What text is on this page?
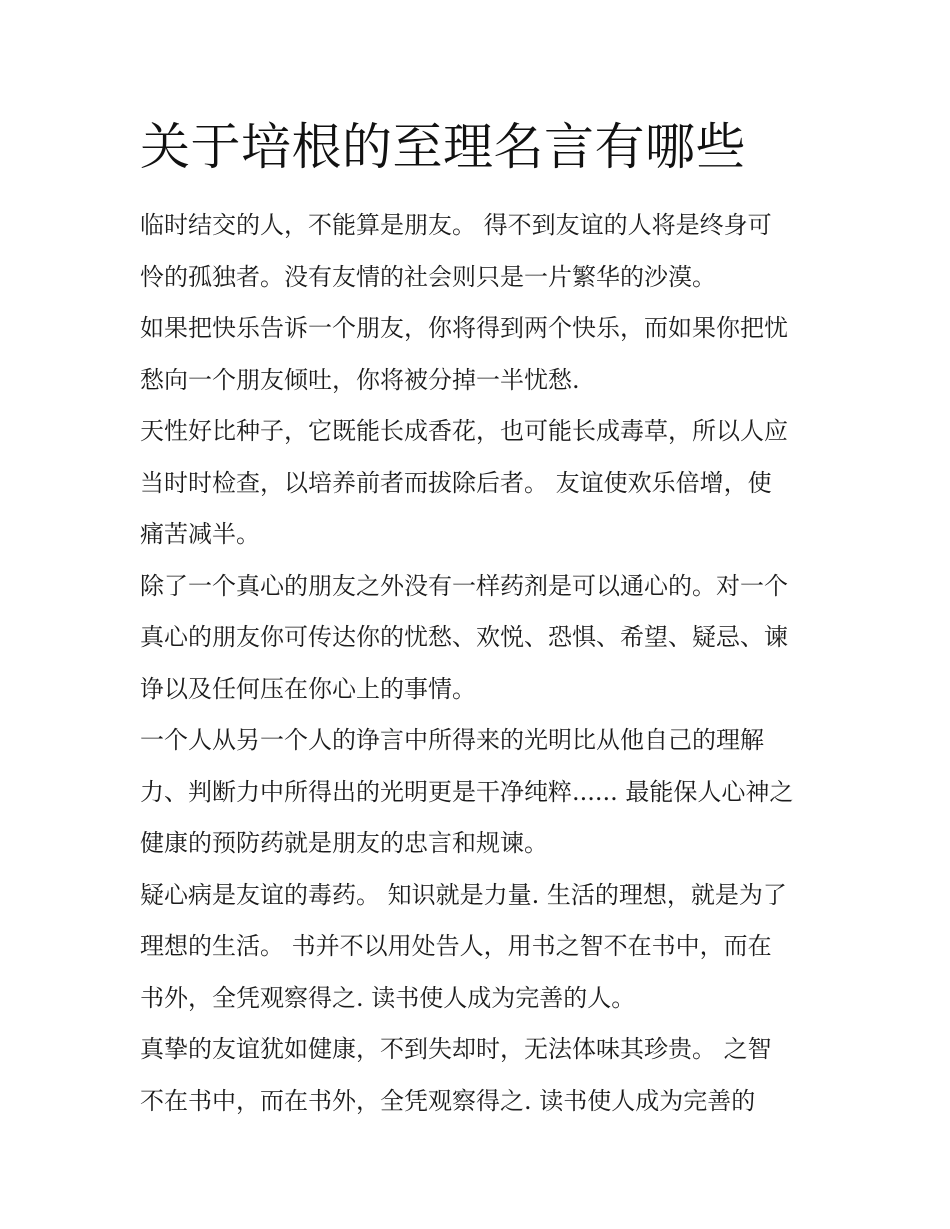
关于培根的至理名言有哪些

临时结交的人，不能算是朋友。 得不到友谊的人将是终身可
怜的孤独者。没有友情的社会则只是一片繁华的沙漠。

如果把快乐告诉一个朋友，你将得到两个快乐，而如果你把忧
愁向一个朋友倾吐，你将被分掉一半忧愁.

天性好比种子，它既能长成香花，也可能长成毒草，所以人应
当时时检查，以培养前者而拔除后者。 友谊使欢乐倍增，使
痛苦减半。

除了一个真心的朋友之外没有一样药剂是可以通心的。对一个
真心的朋友你可传达你的忧愁、欢悦、恐惧、希望、疑忌、谏
诤以及任何压在你心上的事情。

一个人从另一个人的诤言中所得来的光明比从他自己的理解
力、判断力中所得出的光明更是干净纯粹...... 最能保人心神之
健康的预防药就是朋友的忠言和规谏。

疑心病是友谊的毒药。 知识就是力量. 生活的理想，就是为了
理想的生活。 书并不以用处告人，用书之智不在书中，而在
书外，全凭观察得之. 读书使人成为完善的人。

真挚的友谊犹如健康，不到失却时，无法体味其珍贵。 之智
不在书中，而在书外，全凭观察得之. 读书使人成为完善的
